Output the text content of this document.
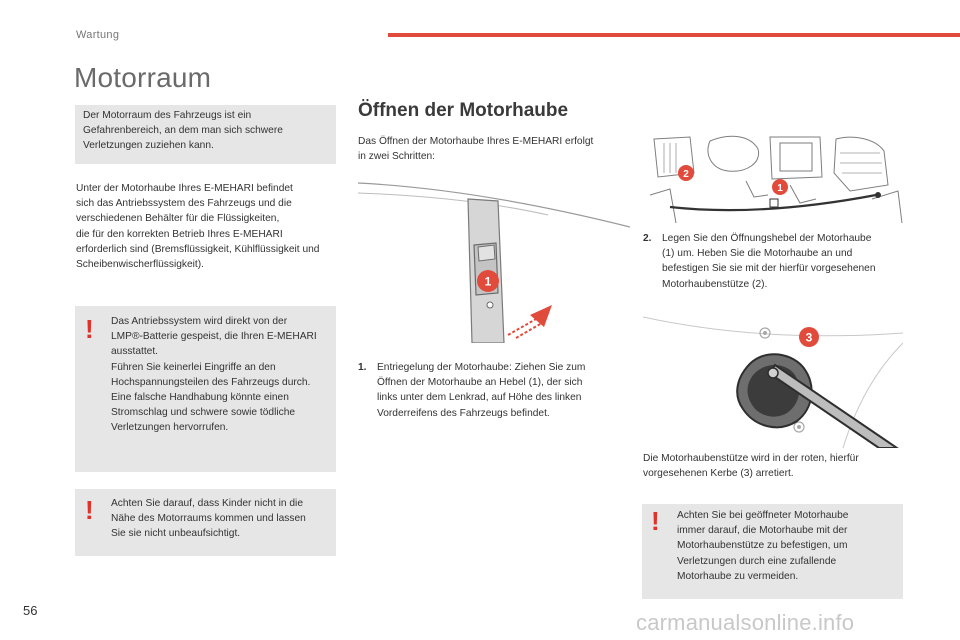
Wartung
Motorraum
Der Motorraum des Fahrzeugs ist ein
Gefahrenbereich, an dem man sich schwere
Verletzungen zuziehen kann.
Unter der Motorhaube Ihres E-MEHARI befindet
sich das Antriebssystem des Fahrzeugs und die
verschiedenen Behälter für die Flüssigkeiten,
die für den korrekten Betrieb Ihres E-MEHARI
erforderlich sind (Bremsflüssigkeit, Kühlflüssigkeit und
Scheibenwischerflüssigkeit).
! Das Antriebssystem wird direkt von der
LMP®-Batterie gespeist, die Ihren E-MEHARI
ausstattet.
Führen Sie keinerlei Eingriffe an den
Hochspannungsteilen des Fahrzeugs durch.
Eine falsche Handhabung könnte einen
Stromschlag und schwere sowie tödliche
Verletzungen hervorrufen.
! Achten Sie darauf, dass Kinder nicht in die
Nähe des Motorraums kommen und lassen
Sie sie nicht unbeaufsichtigt.
Öffnen der Motorhaube
Das Öffnen der Motorhaube Ihres E-MEHARI erfolgt
in zwei Schritten:
1
1. Entriegelung der Motorhaube: Ziehen Sie zum
Öffnen der Motorhaube an Hebel (1), der sich
links unter dem Lenkrad, auf Höhe des linken
Vorderreifens des Fahrzeugs befindet.
2
1
2. Legen Sie den Öffnungshebel der Motorhaube
(1) um. Heben Sie die Motorhaube an und
befestigen Sie sie mit der hierfür vorgesehenen
Motorhaubenstütze (2).
3
Die Motorhaubenstütze wird in der roten, hierfür
vorgesehenen Kerbe (3) arretiert.
! Achten Sie bei geöffneter Motorhaube
immer darauf, die Motorhaube mit der
Motorhaubenstütze zu befestigen, um
Verletzungen durch eine zufallende
Motorhaube zu vermeiden.
56	carmanualsonline.info
